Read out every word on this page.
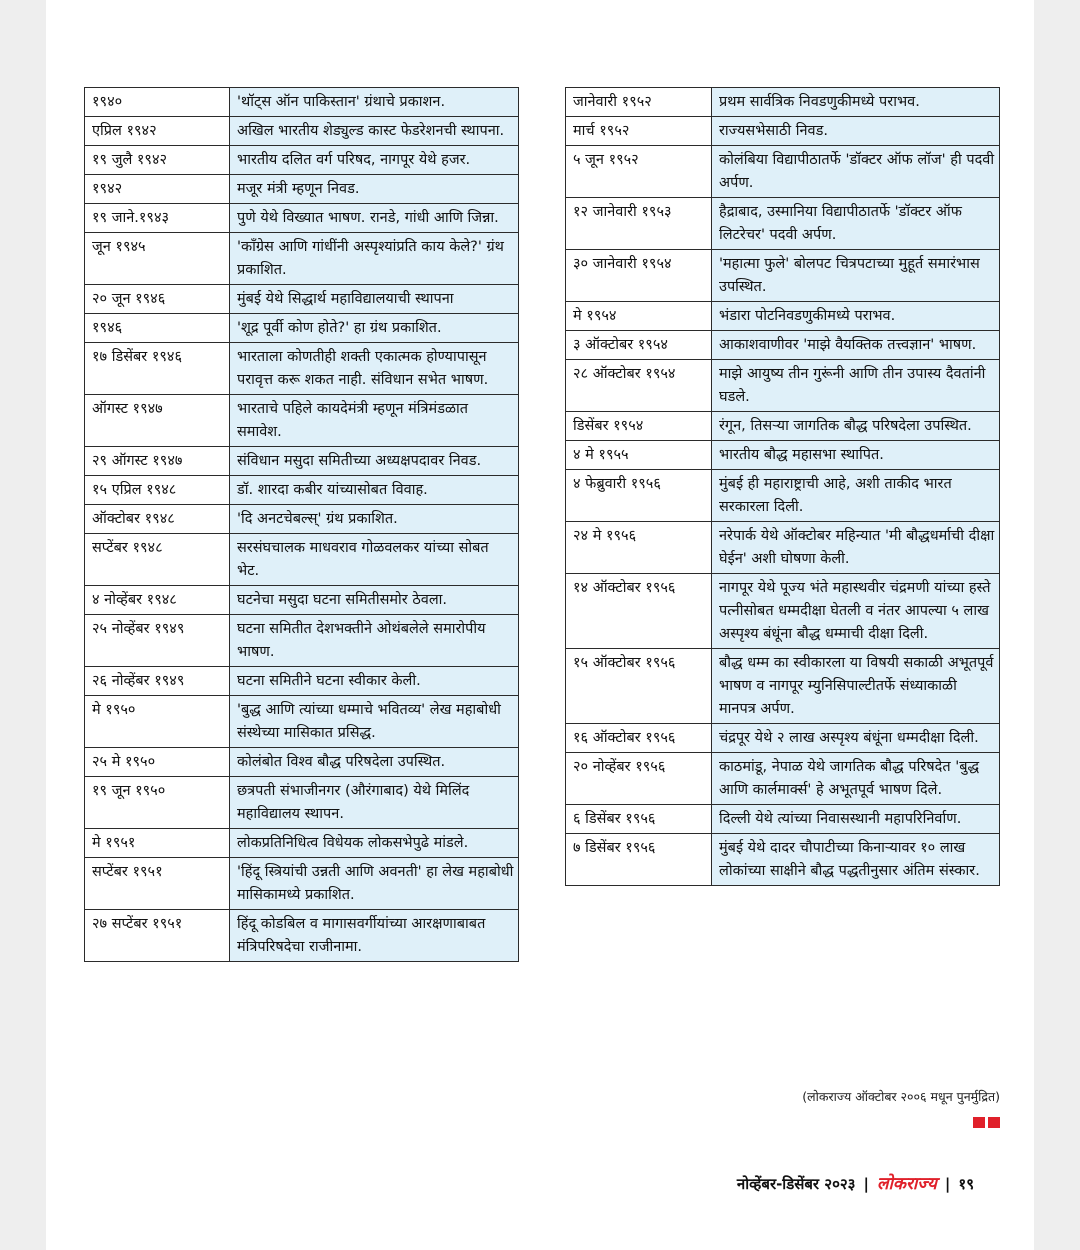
१९४०	'थॉट्स ऑन पाकिस्तान' ग्रंथाचे प्रकाशन.
एप्रिल १९४२	अखिल भारतीय शेड्युल्ड कास्ट फेडरेशनची स्थापना.
१९ जुलै १९४२	भारतीय दलित वर्ग परिषद, नागपूर येथे हजर.
१९४२	मजूर मंत्री म्हणून निवड.
१९ जाने.१९४३	पुणे येथे विख्यात भाषण. रानडे, गांधी आणि जिन्ना.
जून १९४५	'काँग्रेस आणि गांधींनी अस्पृश्यांप्रति काय केले?' ग्रंथ प्रकाशित.
२० जून १९४६	मुंबई येथे सिद्धार्थ महाविद्यालयाची स्थापना
१९४६	'शूद्र पूर्वी कोण होते?' हा ग्रंथ प्रकाशित.
१७ डिसेंबर १९४६	भारताला कोणतीही शक्ती एकात्मक होण्यापासून परावृत्त करू शकत नाही. संविधान सभेत भाषण.
ऑगस्ट १९४७	भारताचे पहिले कायदेमंत्री म्हणून मंत्रिमंडळात समावेश.
२९ ऑगस्ट १९४७	संविधान मसुदा समितीच्या अध्यक्षपदावर निवड.
१५ एप्रिल १९४८	डॉ. शारदा कबीर यांच्यासोबत विवाह.
ऑक्टोबर १९४८	'दि अनटचेबल्स्' ग्रंथ प्रकाशित.
सप्टेंबर १९४८	सरसंघचालक माधवराव गोळवलकर यांच्या सोबत भेट.
४ नोव्हेंबर १९४८	घटनेचा मसुदा घटना समितीसमोर ठेवला.
२५ नोव्हेंबर १९४९	घटना समितीत देशभक्तीने ओथंबलेले समारोपीय भाषण.
२६ नोव्हेंबर १९४९	घटना समितीने घटना स्वीकार केली.
मे १९५०	'बुद्ध आणि त्यांच्या धम्माचे भवितव्य' लेख महाबोधी संस्थेच्या मासिकात प्रसिद्ध.
२५ मे १९५०	कोलंबोत विश्व बौद्ध परिषदेला उपस्थित.
१९ जून १९५०	छत्रपती संभाजीनगर (औरंगाबाद) येथे मिलिंद महाविद्यालय स्थापन.
मे १९५१	लोकप्रतिनिधित्व विधेयक लोकसभेपुढे मांडले.
सप्टेंबर १९५१	'हिंदू स्त्रियांची उन्नती आणि अवनती' हा लेख महाबोधी मासिकामध्ये प्रकाशित.
२७ सप्टेंबर १९५१	हिंदू कोडबिल व मागासवर्गीयांच्या आरक्षणाबाबत मंत्रिपरिषदेचा राजीनामा.
जानेवारी १९५२	प्रथम सार्वत्रिक निवडणुकीमध्ये पराभव.
मार्च १९५२	राज्यसभेसाठी निवड.
५ जून १९५२	कोलंबिया विद्यापीठातर्फे 'डॉक्टर ऑफ लॉज' ही पदवी अर्पण.
१२ जानेवारी १९५३	हैद्राबाद, उस्मानिया विद्यापीठातर्फे 'डॉक्टर ऑफ लिटरेचर' पदवी अर्पण.
३० जानेवारी १९५४	'महात्मा फुले' बोलपट चित्रपटाच्या मुहूर्त समारंभास उपस्थित.
मे १९५४	भंडारा पोटनिवडणुकीमध्ये पराभव.
३ ऑक्टोबर १९५४	आकाशवाणीवर 'माझे वैयक्तिक तत्त्वज्ञान' भाषण.
२८ ऑक्टोबर १९५४	माझे आयुष्य तीन गुरूंनी आणि तीन उपास्य दैवतांनी घडले.
डिसेंबर १९५४	रंगून, तिसऱ्या जागतिक बौद्ध परिषदेला उपस्थित.
४ मे १९५५	भारतीय बौद्ध महासभा स्थापित.
४ फेब्रुवारी १९५६	मुंबई ही महाराष्ट्राची आहे, अशी ताकीद भारत सरकारला दिली.
२४ मे १९५६	नरेपार्क येथे ऑक्टोबर महिन्यात 'मी बौद्धधर्माची दीक्षा घेईन' अशी घोषणा केली.
१४ ऑक्टोबर १९५६	नागपूर येथे पूज्य भंते महास्थवीर चंद्रमणी यांच्या हस्ते पत्नीसोबत धम्मदीक्षा घेतली व नंतर आपल्या ५ लाख अस्पृश्य बंधूंना बौद्ध धम्माची दीक्षा दिली.
१५ ऑक्टोबर १९५६	बौद्ध धम्म का स्वीकारला या विषयी सकाळी अभूतपूर्व भाषण व नागपूर म्युनिसिपाल्टीतर्फे संध्याकाळी मानपत्र अर्पण.
१६ ऑक्टोबर १९५६	चंद्रपूर येथे २ लाख अस्पृश्य बंधूंना धम्मदीक्षा दिली.
२० नोव्हेंबर १९५६	काठमांडू, नेपाळ येथे जागतिक बौद्ध परिषदेत 'बुद्ध आणि कार्लमार्क्स' हे अभूतपूर्व भाषण दिले.
६ डिसेंबर १९५६	दिल्ली येथे त्यांच्या निवासस्थानी महापरिनिर्वाण.
७ डिसेंबर १९५६	मुंबई येथे दादर चौपाटीच्या किनाऱ्यावर १० लाख लोकांच्या साक्षीने बौद्ध पद्धतीनुसार अंतिम संस्कार.
(लोकराज्य ऑक्टोबर २००६ मधून पुनर्मुद्रित)
नोव्हेंबर-डिसेंबर २०२३ | लोकराज्य | १९
